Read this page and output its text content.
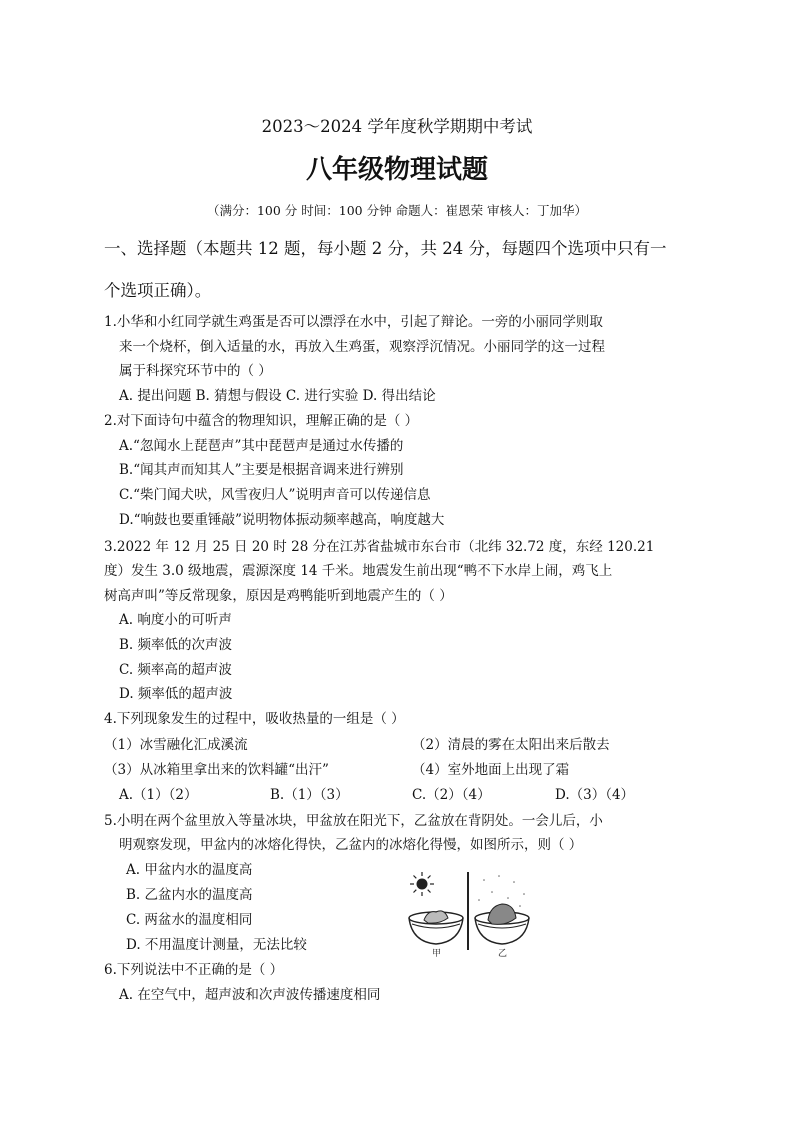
2023～2024 学年度秋学期期中考试
八年级物理试题
（满分：100 分 时间：100 分钟 命题人：崔恩荣 审核人：丁加华）
一、选择题（本题共 12 题，每小题 2 分，共 24 分，每题四个选项中只有一
个选项正确）。
1.小华和小红同学就生鸡蛋是否可以漂浮在水中，引起了辩论。一旁的小丽同学则取
来一个烧杯，倒入适量的水，再放入生鸡蛋，观察浮沉情况。小丽同学的这一过程
属于科探究环节中的（ ）
A. 提出问题 B. 猜想与假设 C. 进行实验 D. 得出结论
2.对下面诗句中蕴含的物理知识，理解正确的是（ ）
A.“忽闻水上琵琶声”其中琵琶声是通过水传播的
B.“闻其声而知其人”主要是根据音调来进行辨别
C.“柴门闻犬吠，风雪夜归人”说明声音可以传递信息
D.“响鼓也要重锤敲”说明物体振动频率越高，响度越大
3.2022 年 12 月 25 日 20 时 28 分在江苏省盐城市东台市（北纬 32.72 度，东经 120.21
度）发生 3.0 级地震，震源深度 14 千米。地震发生前出现“鸭不下水岸上闹，鸡飞上
树高声叫”等反常现象，原因是鸡鸭能听到地震产生的（ ）
A. 响度小的可听声
B. 频率低的次声波
C. 频率高的超声波
D. 频率低的超声波
4.下列现象发生的过程中，吸收热量的一组是（ ）
（1）冰雪融化汇成溪流	（2）清晨的雾在太阳出来后散去
（3）从冰箱里拿出来的饮料罐“出汗”	（4）室外地面上出现了霜
A.（1）（2）	B.（1）（3）	C.（2）（4）	D.（3）（4）
5.小明在两个盆里放入等量冰块，甲盆放在阳光下，乙盆放在背阴处。一会儿后，小
明观察发现，甲盆内的冰熔化得快，乙盆内的冰熔化得慢，如图所示，则（ ）
A. 甲盆内水的温度高
B. 乙盆内水的温度高
C. 两盆水的温度相同
D. 不用温度计测量，无法比较
甲	乙
6.下列说法中不正确的是（ ）
A. 在空气中，超声波和次声波传播速度相同
